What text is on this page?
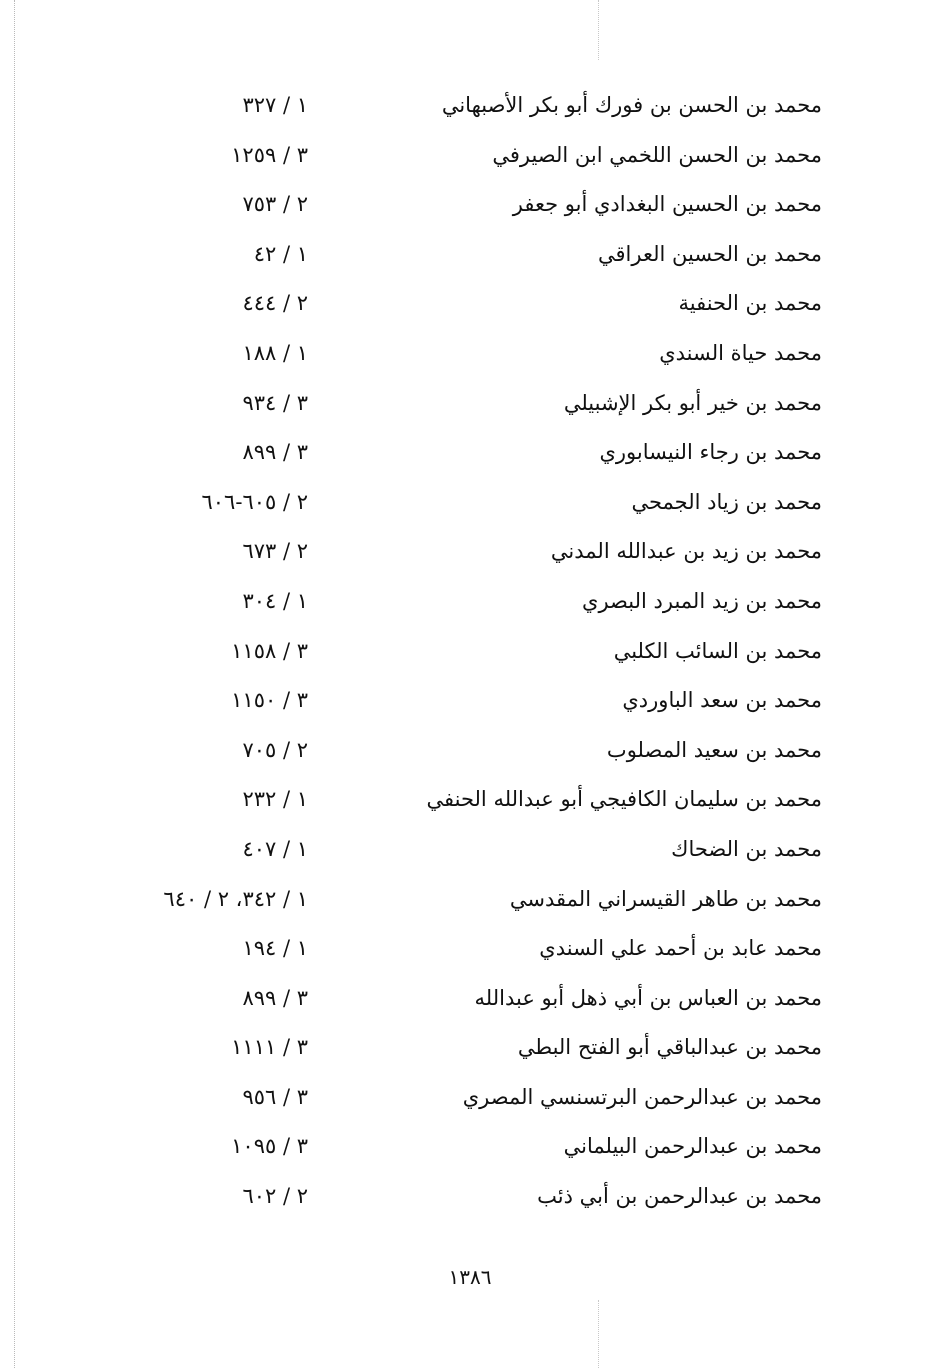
محمد بن الحسن بن فورك أبو بكر الأصبهاني
١ / ٣٢٧
محمد بن الحسن اللخمي ابن الصيرفي
٣ / ١٢٥٩
محمد بن الحسين البغدادي أبو جعفر
٢ / ٧٥٣
محمد بن الحسين العراقي
١ / ٤٢
محمد بن الحنفية
٢ / ٤٤٤
محمد حياة السندي
١ / ١٨٨
محمد بن خير أبو بكر الإشبيلي
٣ / ٩٣٤
محمد بن رجاء النيسابوري
٣ / ٨٩٩
محمد بن زياد الجمحي
٢ / ٦٠٥-٦٠٦
محمد بن زيد بن عبدالله المدني
٢ / ٦٧٣
محمد بن زيد المبرد البصري
١ / ٣٠٤
محمد بن السائب الكلبي
٣ / ١١٥٨
محمد بن سعد الباوردي
٣ / ١١٥٠
محمد بن سعيد المصلوب
٢ / ٧٠٥
محمد بن سليمان الكافيجي أبو عبدالله الحنفي
١ / ٢٣٢
محمد بن الضحاك
١ / ٤٠٧
محمد بن طاهر القيسراني المقدسي
١ / ٣٤٢، ٢ / ٦٤٠
محمد عابد بن أحمد علي السندي
١ / ١٩٤
محمد بن العباس بن أبي ذهل أبو عبدالله
٣ / ٨٩٩
محمد بن عبدالباقي أبو الفتح البطي
٣ / ١١١١
محمد بن عبدالرحمن البرتسنسي المصري
٣ / ٩٥٦
محمد بن عبدالرحمن البيلماني
٣ / ١٠٩٥
محمد بن عبدالرحمن بن أبي ذئب
٢ / ٦٠٢
١٣٨٦
